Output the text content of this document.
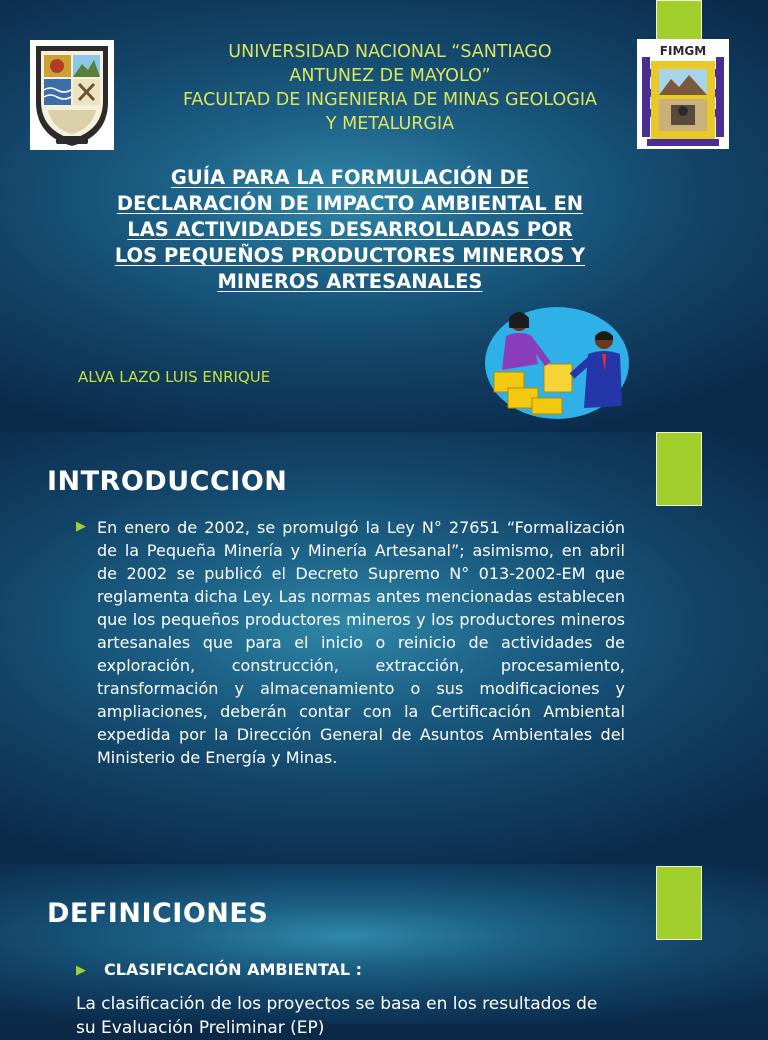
UNIVERSIDAD NACIONAL “SANTIAGO
ANTUNEZ DE MAYOLO”
FACULTAD DE INGENIERIA DE MINAS GEOLOGIA
Y METALURGIA
FIMGM
GUÍA PARA LA FORMULACIÓN DE
DECLARACIÓN DE IMPACTO AMBIENTAL EN
LAS ACTIVIDADES DESARROLLADAS POR
LOS PEQUEÑOS PRODUCTORES MINEROS Y
MINEROS ARTESANALES
ALVA LAZO LUIS ENRIQUE
INTRODUCCION
▶ En enero de 2002, se promulgó la Ley N° 27651 “Formalización de la Pequeña Minería y Minería Artesanal”; asimismo, en abril de 2002 se publicó el Decreto Supremo N° 013-2002-EM que reglamenta dicha Ley. Las normas antes mencionadas establecen que los pequeños productores mineros y los productores mineros artesanales que para el inicio o reinicio de actividades de exploración, construcción, extracción, procesamiento, transformación y almacenamiento o sus modificaciones y ampliaciones, deberán contar con la Certificación Ambiental expedida por la Dirección General de Asuntos Ambientales del Ministerio de Energía y Minas.
DEFINICIONES
▶ CLASIFICACIÓN AMBIENTAL :
La clasificación de los proyectos se basa en los resultados de
su Evaluación Preliminar (EP)
